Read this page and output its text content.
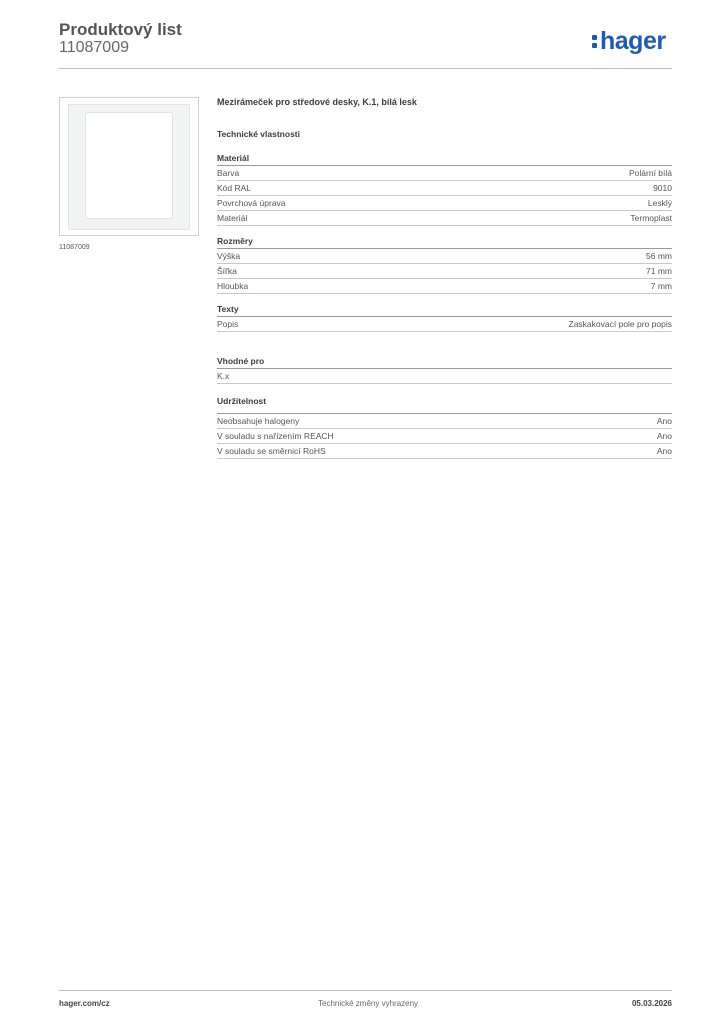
Produktový list
11087009	hager
11087009
Mezirámeček pro středové desky, K.1, bílá lesk
Technické vlastnosti
Materiál
Barva	Polární bílá
Kód RAL	9010
Povrchová úprava	Lesklý
Materiál	Termoplast
Rozměry
Výška	56 mm
Šířka	71 mm
Hloubka	7 mm
Texty
Popis	Zaskakovací pole pro popis
Vhodné pro
K.x
Udržitelnost
Neobsahuje halogeny	Ano
V souladu s nařízením REACH	Ano
V souladu se směrnicí RoHS	Ano
hager.com/cz	Technické změny vyhrazeny	05.03.2026
